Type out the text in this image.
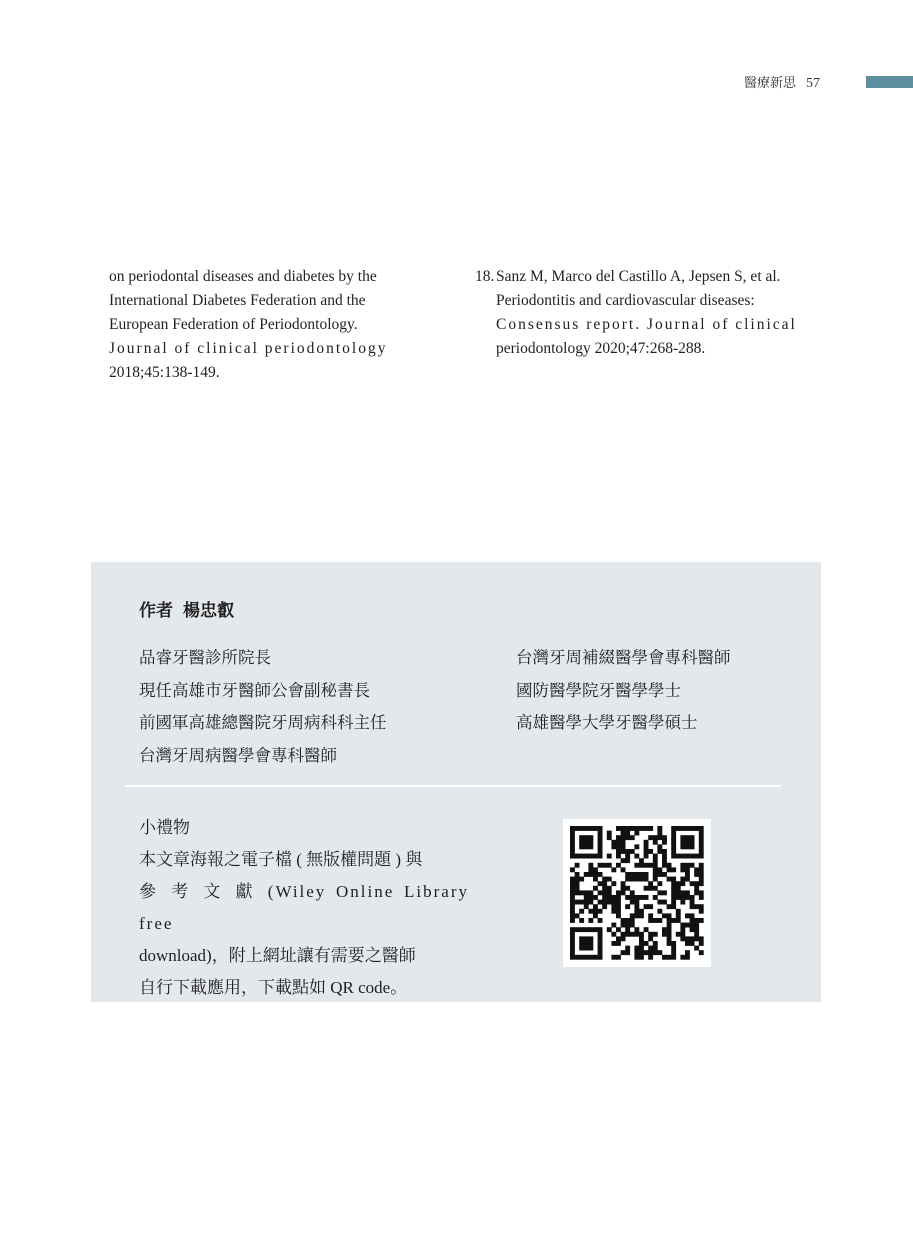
醫療新思 57
on periodontal diseases and diabetes by the
International Diabetes Federation and the
European Federation of Periodontology.
Journal of clinical periodontology
2018;45:138-149.
18. Sanz M, Marco del Castillo A, Jepsen S, et al.
Periodontitis and cardiovascular diseases:
Consensus report. Journal of clinical
periodontology 2020;47:268-288.
作者 楊忠叡
品睿牙醫診所院長
現任高雄市牙醫師公會副秘書長
前國軍高雄總醫院牙周病科科主任
台灣牙周病醫學會專科醫師
台灣牙周補綴醫學會專科醫師
國防醫學院牙醫學學士
高雄醫學大學牙醫學碩士
小禮物
本文章海報之電子檔 ( 無版權問題 ) 與
參 考 文 獻 (Wiley Online Library free
download)，附上網址讓有需要之醫師
自行下載應用，下載點如 QR code。
